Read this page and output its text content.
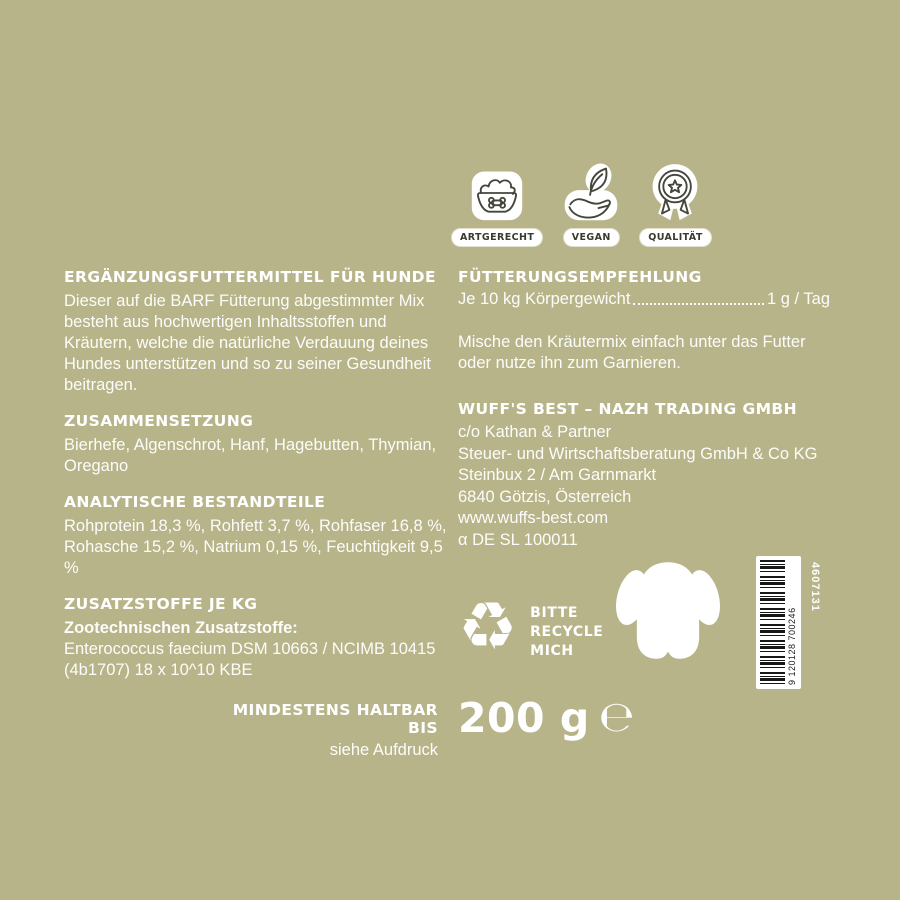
ARTGERECHT	VEGAN	QUALITÄT
ERGÄNZUNGSFUTTERMITTEL FÜR HUNDE
Dieser auf die BARF Fütterung abgestimmter Mix besteht aus hochwertigen Inhaltsstoffen und Kräutern, welche die natürliche Verdauung deines Hundes unterstützen und so zu seiner Gesundheit beitragen.
ZUSAMMENSETZUNG
Bierhefe, Algenschrot, Hanf, Hagebutten, Thymian, Oregano
ANALYTISCHE BESTANDTEILE
Rohprotein 18,3 %, Rohfett 3,7 %, Rohfaser 16,8 %, Rohasche 15,2 %, Natrium 0,15 %, Feuchtigkeit 9,5 %
ZUSATZSTOFFE JE KG
Zootechnischen Zusatzstoffe:
Enterococcus faecium DSM 10663 / NCIMB 10415 (4b1707) 18 x 10^10 KBE
FÜTTERUNGSEMPFEHLUNG
Je 10 kg Körpergewicht	1 g / Tag
Mische den Kräutermix einfach unter das Futter oder nutze ihn zum Garnieren.
WUFF'S BEST – NAZH TRADING GMBH
c/o Kathan & Partner
Steuer- und Wirtschaftsberatung GmbH & Co KG
Steinbux 2 / Am Garnmarkt
6840 Götzis, Österreich
www.wuffs-best.com
α DE SL 100011
♻ BITTE
RECYCLE
MICH	9 120128 700246
4607131
MINDESTENS HALTBAR BIS
siehe Aufdruck
200 g ℮
